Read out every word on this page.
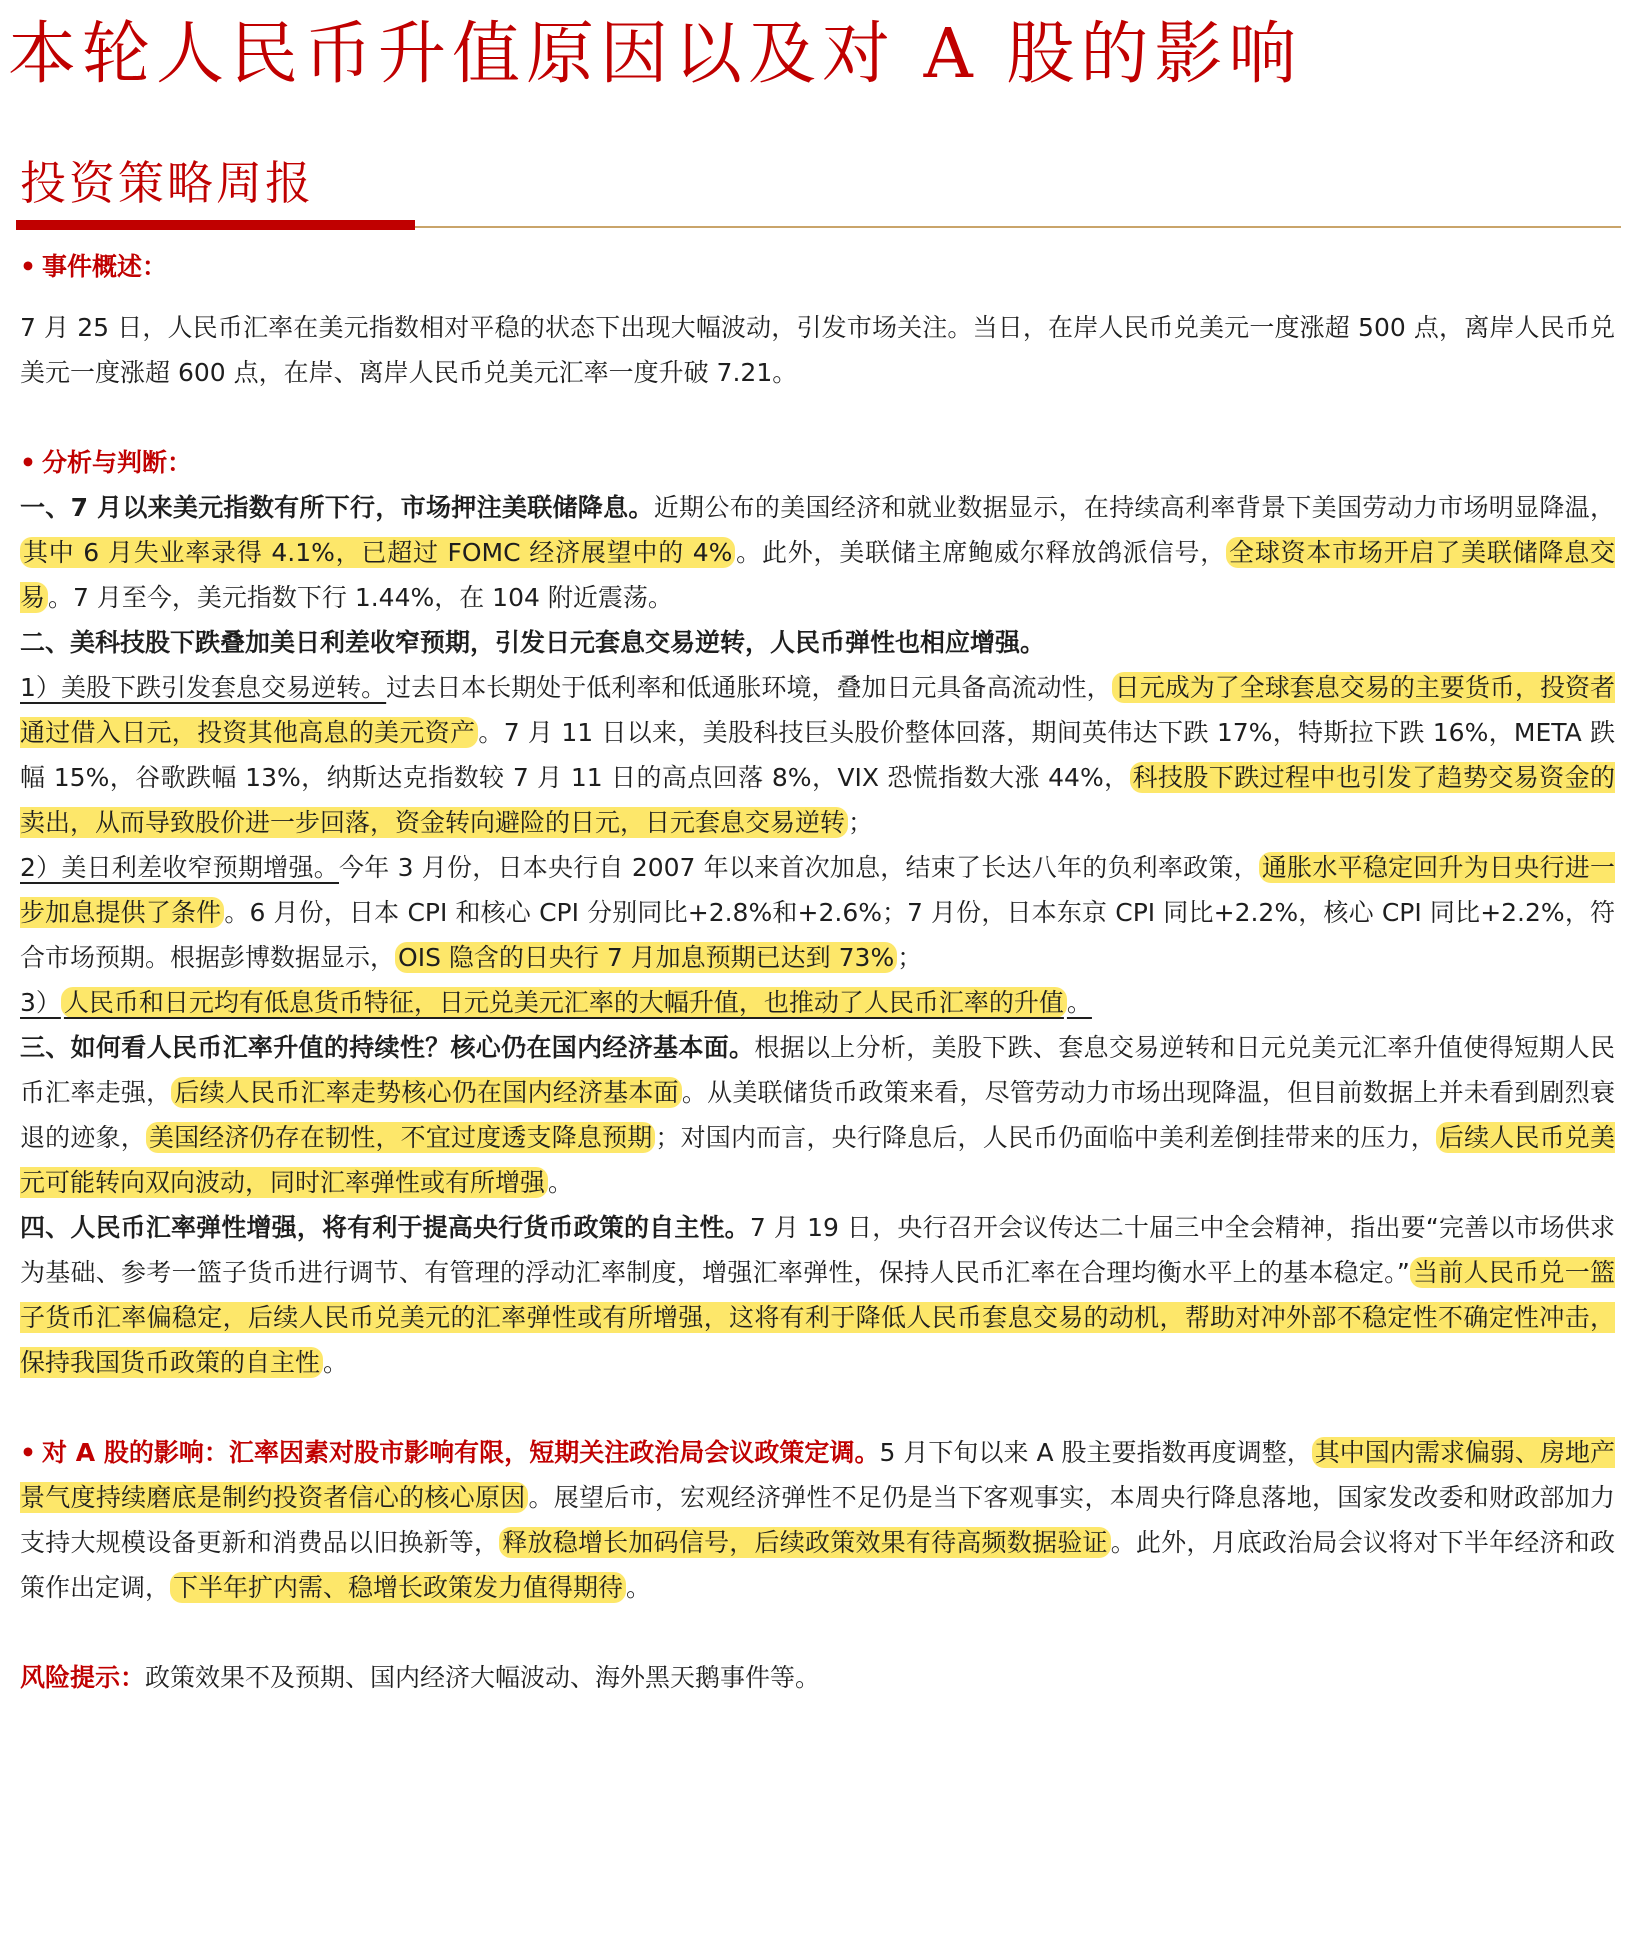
本轮人民币升值原因以及对 A 股的影响
投资策略周报

• 事件概述：

7 月 25 日，人民币汇率在美元指数相对平稳的状态下出现大幅波动，引发市场关注。当日，在岸人民币兑美元一度涨超 500 点，离岸人民币兑美元一度涨超 600 点，在岸、离岸人民币兑美元汇率一度升破 7.21。

• 分析与判断：

一、7 月以来美元指数有所下行，市场押注美联储降息。近期公布的美国经济和就业数据显示，在持续高利率背景下美国劳动力市场明显降温，其中 6 月失业率录得 4.1%，已超过 FOMC 经济展望中的 4% 。此外，美联储主席鲍威尔释放鸽派信号， 全球资本市场开启了美联储降息交易 。7 月至今，美元指数下行 1.44%，在 104 附近震荡。

二、美科技股下跌叠加美日利差收窄预期，引发日元套息交易逆转，人民币弹性也相应增强。

1）美股下跌引发套息交易逆转。过去日本长期处于低利率和低通胀环境，叠加日元具备高流动性， 日元成为了全球套息交易的主要货币，投资者通过借入日元，投资其他高息的美元资产 。7 月 11 日以来，美股科技巨头股价整体回落，期间英伟达下跌 17%，特斯拉下跌 16%，META 跌幅 15%，谷歌跌幅 13%，纳斯达克指数较 7 月 11 日的高点回落 8%，VIX 恐慌指数大涨 44%， 科技股下跌过程中也引发了趋势交易资金的卖出，从而导致股价进一步回落，资金转向避险的日元，日元套息交易逆转 ；

2）美日利差收窄预期增强。今年 3 月份，日本央行自 2007 年以来首次加息，结束了长达八年的负利率政策， 通胀水平稳定回升为日央行进一步加息提供了条件 。6 月份，日本 CPI 和核心 CPI 分别同比+2.8%和+2.6%；7 月份，日本东京 CPI 同比+2.2%，核心 CPI 同比+2.2%，符合市场预期。根据彭博数据显示， OIS 隐含的日央行 7 月加息预期已达到 73% ；

3） 人民币和日元均有低息货币特征，日元兑美元汇率的大幅升值，也推动了人民币汇率的升值 。

三、如何看人民币汇率升值的持续性？核心仍在国内经济基本面。根据以上分析，美股下跌、套息交易逆转和日元兑美元汇率升值使得短期人民币汇率走强， 后续人民币汇率走势核心仍在国内经济基本面 。从美联储货币政策来看，尽管劳动力市场出现降温，但目前数据上并未看到剧烈衰退的迹象， 美国经济仍存在韧性，不宜过度透支降息预期 ；对国内而言，央行降息后，人民币仍面临中美利差倒挂带来的压力， 后续人民币兑美元可能转向双向波动，同时汇率弹性或有所增强 。

四、人民币汇率弹性增强，将有利于提高央行货币政策的自主性。7 月 19 日，央行召开会议传达二十届三中全会精神，指出要“完善以市场供求为基础、参考一篮子货币进行调节、有管理的浮动汇率制度，增强汇率弹性，保持人民币汇率在合理均衡水平上的基本稳定。” 当前人民币兑一篮子货币汇率偏稳定，后续人民币兑美元的汇率弹性或有所增强，这将有利于降低人民币套息交易的动机，帮助对冲外部不稳定性不确定性冲击，保持我国货币政策的自主性 。

• 对 A 股的影响：汇率因素对股市影响有限，短期关注政治局会议政策定调。5 月下旬以来 A 股主要指数再度调整， 其中国内需求偏弱、房地产景气度持续磨底是制约投资者信心的核心原因 。展望后市，宏观经济弹性不足仍是当下客观事实，本周央行降息落地，国家发改委和财政部加力支持大规模设备更新和消费品以旧换新等， 释放稳增长加码信号，后续政策效果有待高频数据验证 。此外，月底政治局会议将对下半年经济和政策作出定调， 下半年扩内需、稳增长政策发力值得期待 。

风险提示：政策效果不及预期、国内经济大幅波动、海外黑天鹅事件等。
